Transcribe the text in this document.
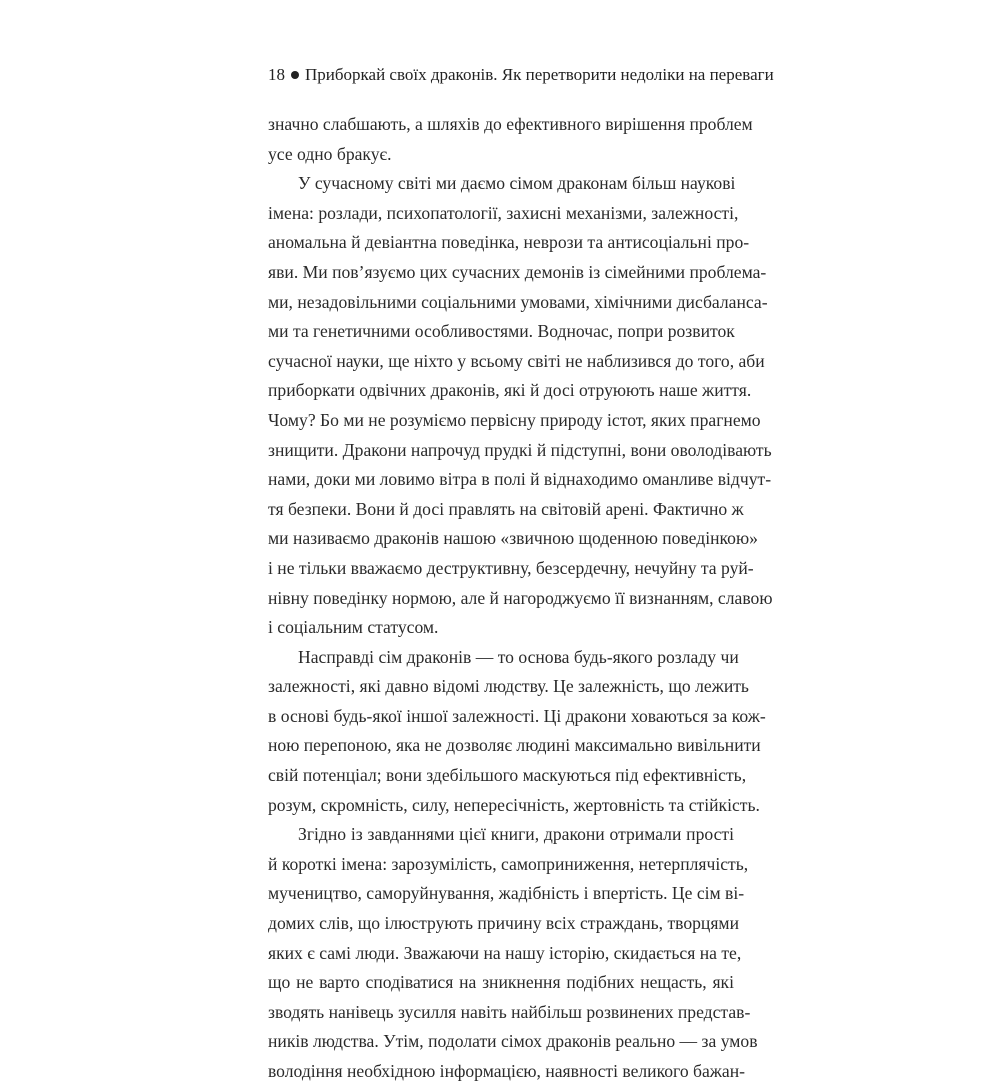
18 Приборкай своїх драконів. Як перетворити недоліки на переваги
значно слабшають, а шляхів до ефективного вирішення проблем
усе одно бракує.
У сучасному світі ми даємо сімом драконам більш наукові
імена: розлади, психопатології, захисні механізми, залежності,
аномальна й девіантна поведінка, неврози та антисоціальні про-
яви. Ми пов’язуємо цих сучасних демонів із сімейними проблема-
ми, незадовільними соціальними умовами, хімічними дисбаланса-
ми та генетичними особливостями. Водночас, попри розвиток
сучасної науки, ще ніхто у всьому світі не наблизився до того, аби
приборкати одвічних драконів, які й досі отруюють наше життя.
Чому? Бо ми не розуміємо первісну природу істот, яких прагнемо
знищити. Дракони напрочуд прудкі й підступні, вони оволодівають
нами, доки ми ловимо вітра в полі й віднаходимо оманливе відчут-
тя безпеки. Вони й досі правлять на світовій арені. Фактично ж
ми називаємо драконів нашою «звичною щоденною поведінкою»
і не тільки вважаємо деструктивну, безсердечну, нечуйну та руй-
нівну поведінку нормою, але й нагороджуємо її визнанням, славою
і соціальним статусом.
Насправді сім драконів — то основа будь-якого розладу чи
залежності, які давно відомі людству. Це залежність, що лежить
в основі будь-якої іншої залежності. Ці дракони ховаються за кож-
ною перепоною, яка не дозволяє людині максимально вивільнити
свій потенціал; вони здебільшого маскуються під ефективність,
розум, скромність, силу, непересічність, жертовність та стійкість.
Згідно із завданнями цієї книги, дракони отримали прості
й короткі імена: зарозумілість, самоприниження, нетерплячість,
мучеництво, саморуйнування, жадібність і впертість. Це сім ві-
домих слів, що ілюструють причину всіх страждань, творцями
яких є самі люди. Зважаючи на нашу історію, скидається на те,
що не варто сподіватися на зникнення подібних нещасть, які
зводять нанівець зусилля навіть найбільш розвинених представ-
ників людства. Утім, подолати сімох драконів реально — за умов
володіння необхідною інформацією, наявності великого бажан-
